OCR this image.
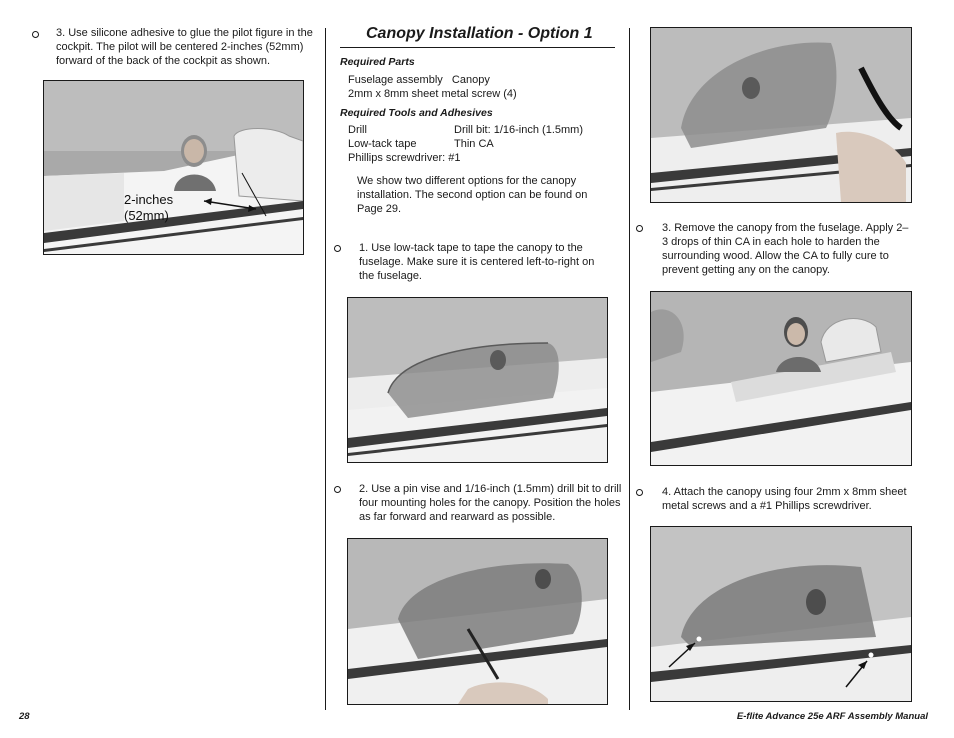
3. Use silicone adhesive to glue the pilot figure in the cockpit. The pilot will be centered 2-inches (52mm) forward of the back of the cockpit as shown.
2-inches
(52mm)
Canopy Installation - Option 1
Required Parts
Fuselage assembly   Canopy
2mm x 8mm sheet metal screw (4)
Required Tools and Adhesives
Drill	Drill bit: 1/16-inch (1.5mm)
Low-tack tape	Thin CA
Phillips screwdriver: #1
We show two different options for the canopy installation. The second option can be found on Page 29.
1. Use low-tack tape to tape the canopy to the fuselage. Make sure it is centered left-to-right on the fuselage.
2. Use a pin vise and 1/16-inch (1.5mm) drill bit to drill four mounting holes for the canopy. Position the holes as far forward and rearward as possible.
3. Remove the canopy from the fuselage. Apply 2–3 drops of thin CA in each hole to harden the surrounding wood. Allow the CA to fully cure to prevent getting any on the canopy.
4. Attach the canopy using four 2mm x 8mm sheet metal screws and a #1 Phillips screwdriver.
28	E-flite Advance 25e ARF Assembly Manual
